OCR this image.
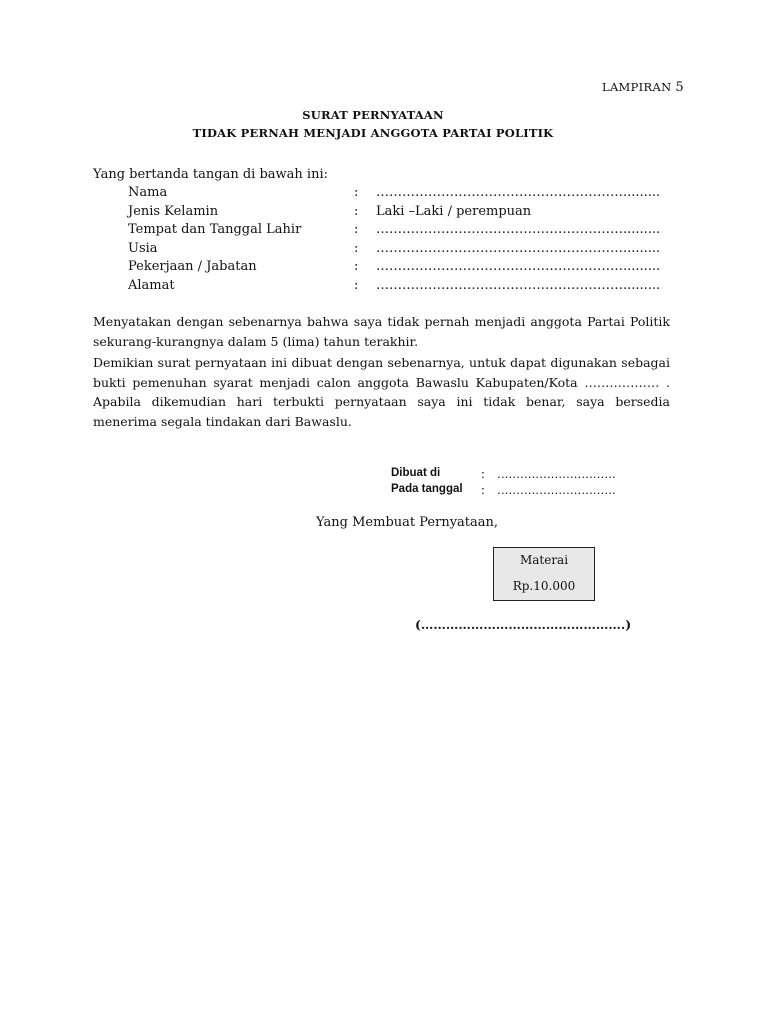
LAMPIRAN 5
SURAT PERNYATAAN
TIDAK PERNAH MENJADI ANGGOTA PARTAI POLITIK
Yang bertanda tangan di bawah ini:
Nama	: ………………………………………………….........
Jenis Kelamin	: Laki –Laki / perempuan
Tempat dan Tanggal Lahir	: ………………………………………………….........
Usia	: ………………………………………………….........
Pekerjaan / Jabatan	: ………………………………………………….........
Alamat	: ………………………………………………….........
Menyatakan dengan sebenarnya bahwa saya tidak pernah menjadi anggota Partai Politik sekurang-kurangnya dalam 5 (lima) tahun terakhir.
Demikian surat pernyataan ini dibuat dengan sebenarnya, untuk dapat digunakan sebagai bukti pemenuhan syarat menjadi calon anggota Bawaslu Kabupaten/Kota ……………… . Apabila dikemudian hari terbukti pernyataan saya ini tidak benar, saya bersedia menerima segala tindakan dari Bawaslu.
Dibuat di	: ………………………….
Pada tanggal : ………………………….
Yang Membuat Pernyataan,
Materai
Rp.10.000
(………………………………………….)
